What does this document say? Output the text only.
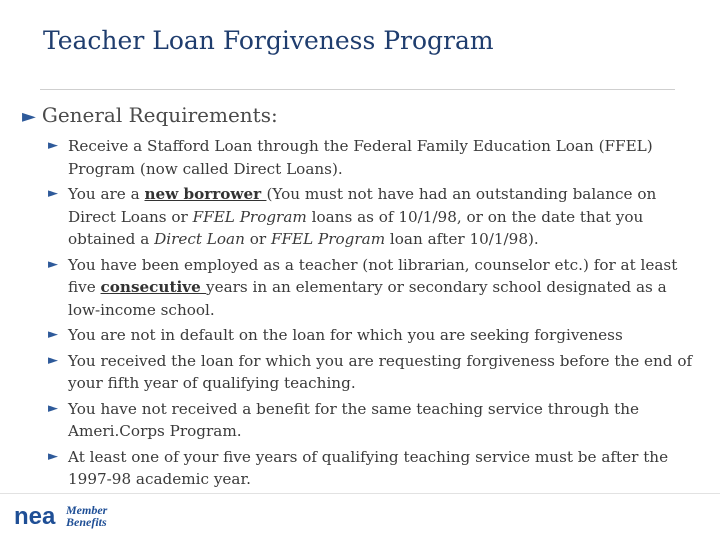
Teacher Loan Forgiveness Program
► General Requirements:
► Receive a Stafford Loan through the Federal Family Education Loan (FFEL) Program (now called Direct Loans).
► You are a new borrower (You must not have had an outstanding balance on Direct Loans or FFEL Program loans as of 10/1/98, or on the date that you obtained a Direct Loan or FFEL Program loan after 10/1/98).
► You have been employed as a teacher (not librarian, counselor etc.) for at least five consecutive years in an elementary or secondary school designated as a low-income school.
► You are not in default on the loan for which you are seeking forgiveness
► You received the loan for which you are requesting forgiveness before the end of your fifth year of qualifying teaching.
► You have not received a benefit for the same teaching service through the Ameri.Corps Program.
► At least one of your five years of qualifying teaching service must be after the 1997-98 academic year.
nea Member
Benefits
